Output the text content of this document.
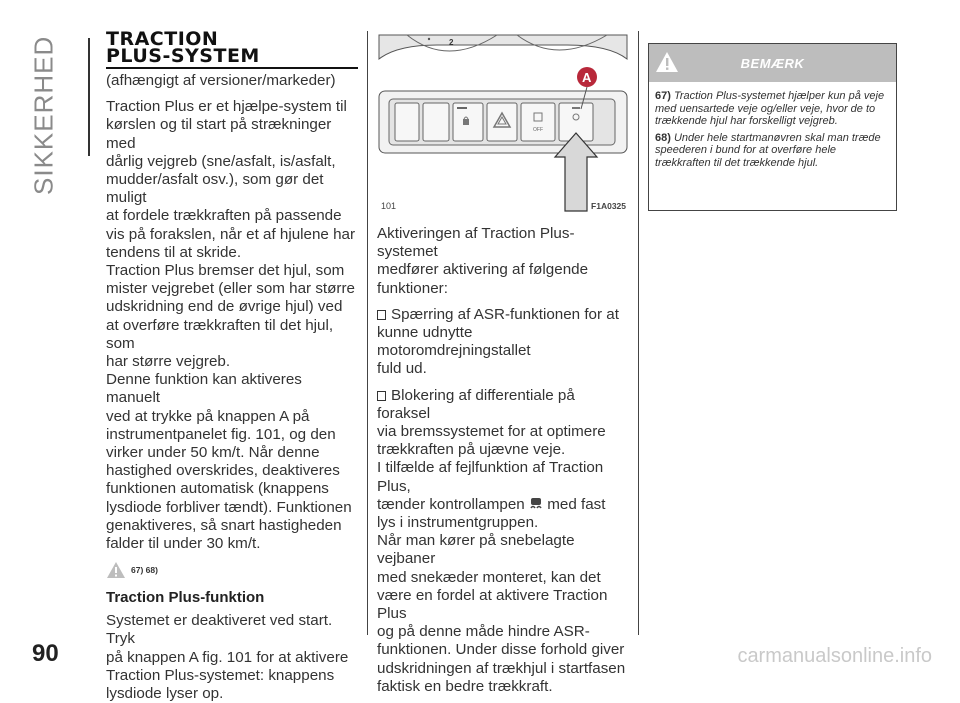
SIKKERHED	TRACTION
PLUS-SYSTEM

(afhængigt af versioner/markeder)

Traction Plus er et hjælpe-system til

kørslen og til start på strækninger med

dårlig vejgreb (sne/asfalt, is/asfalt,

mudder/asfalt osv.), som gør det muligt

at fordele trækkraften på passende

vis på forakslen, når et af hjulene har

tendens til at skride.

Traction Plus bremser det hjul, som

mister vejgrebet (eller som har større

udskridning end de øvrige hjul) ved

at overføre trækkraften til det hjul, som

har større vejgreb.

Denne funktion kan aktiveres manuelt

ved at trykke på knappen A på

instrumentpanelet fig. 101, og den

virker under 50 km/t. Når denne

hastighed overskrides, deaktiveres

funktionen automatisk (knappens

lysdiode forbliver tændt). Funktionen

genaktiveres, så snart hastigheden

falder til under 30 km/t.

67) 68)
Traction Plus-funktion

Systemet er deaktiveret ved start. Tryk

på knappen A fig. 101 for at aktivere

Traction Plus-systemet: knappens

lysdiode lyser op.

2
OFF
A
101	F1A0325

Aktiveringen af Traction Plus-systemet

medfører aktivering af følgende

funktioner:

Spærring af ASR-funktionen for at

kunne udnytte motoromdrejningstallet

fuld ud.

Blokering af differentiale på foraksel

via bremssystemet for at optimere

trækkraften på ujævne veje.

I tilfælde af fejlfunktion af Traction Plus,

tænder kontrollampen med fast

lys i instrumentgruppen.

Når man kører på snebelagte vejbaner

med snekæder monteret, kan det

være en fordel at aktivere Traction Plus

og på denne måde hindre ASR-

funktionen. Under disse forhold giver

udskridningen af trækhjul i startfasen

faktisk en bedre trækkraft.

BEMÆRK
67) Traction Plus-systemet hjælper kun på veje med uensartede veje og/eller veje, hvor de to trækkende hjul har forskelligt vejgreb.
68) Under hele startmanøvren skal man træde speederen i bund for at overføre hele trækkraften til det trækkende hjul.
90	carmanualsonline.info
